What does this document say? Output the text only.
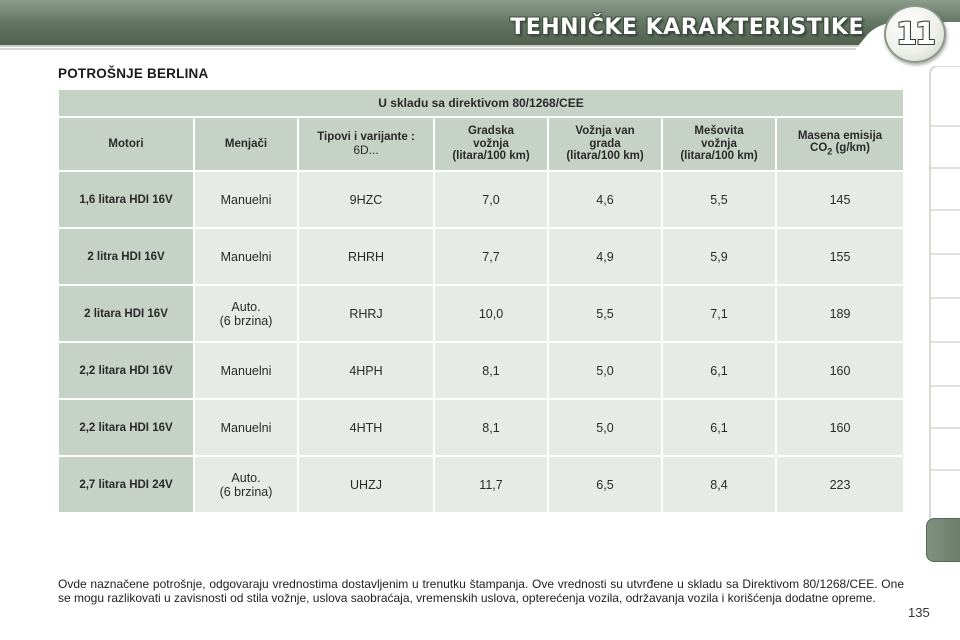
TEHNIČKE KARAKTERISTIKE 11
POTROŠNJE BERLINA
U skladu sa direktivom 80/1268/CEE						
Motori	Menjači	Tipovi i varijante :
6D...	Gradska
vožnja
(litara/100 km)	Vožnja van
grada
(litara/100 km)	Mešovita
vožnja
(litara/100 km)	Masena emisija
$CO_2$ (g/km)
1,6 litara HDI 16V	Manuelni	9HZC	7,0	4,6	5,5	145
2 litra HDI 16V	Manuelni	RHRH	7,7	4,9	5,9	155
2 litara HDI 16V	Auto.
(6 brzina)	RHRJ	10,0	5,5	7,1	189
2,2 litara HDI 16V	Manuelni	4HPH	8,1	5,0	6,1	160
2,2 litara HDI 16V	Manuelni	4HTH	8,1	5,0	6,1	160
2,7 litara HDI 24V	Auto.
(6 brzina)	UHZJ	11,7	6,5	8,4	223
Ovde naznačene potrošnje, odgovaraju vrednostima dostavljenim u trenutku štampanja. Ove vrednosti su utvrđene u skladu sa Direktivom 80/1268/CEE. One se mogu razlikovati u zavisnosti od stila vožnje, uslova saobraćaja, vremenskih uslova, opterećenja vozila, održavanja vozila i korišćenja dodatne opreme.
135
